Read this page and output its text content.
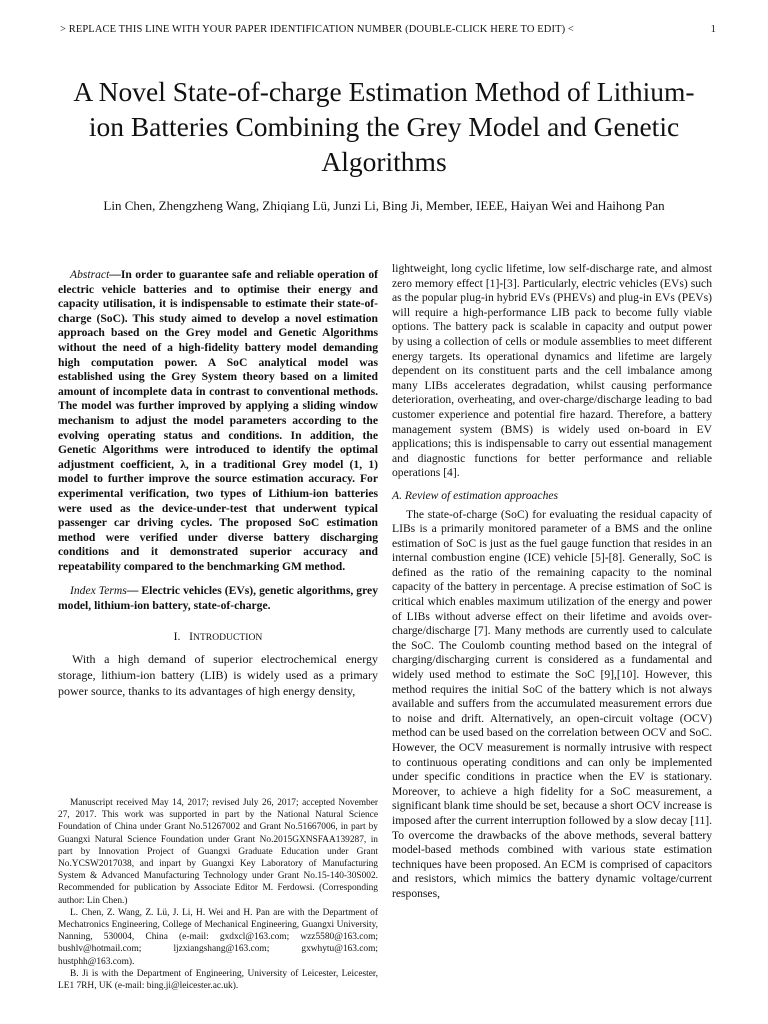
> REPLACE THIS LINE WITH YOUR PAPER IDENTIFICATION NUMBER (DOUBLE-CLICK HERE TO EDIT) <	1
A Novel State-of-charge Estimation Method of Lithium-ion Batteries Combining the Grey Model and Genetic Algorithms
Lin Chen, Zhengzheng Wang, Zhiqiang Lü, Junzi Li, Bing Ji, Member, IEEE, Haiyan Wei and Haihong Pan

Abstract—In order to guarantee safe and reliable operation of electric vehicle batteries and to optimise their energy and capacity utilisation, it is indispensable to estimate their state-of-charge (SoC). This study aimed to develop a novel estimation approach based on the Grey model and Genetic Algorithms without the need of a high-fidelity battery model demanding high computation power. A SoC analytical model was established using the Grey System theory based on a limited amount of incomplete data in contrast to conventional methods. The model was further improved by applying a sliding window mechanism to adjust the model parameters according to the evolving operating status and conditions. In addition, the Genetic Algorithms were introduced to identify the optimal adjustment coefficient, λ, in a traditional Grey model (1, 1) model to further improve the source estimation accuracy. For experimental verification, two types of Lithium-ion batteries were used as the device-under-test that underwent typical passenger car driving cycles. The proposed SoC estimation method were verified under diverse battery discharging conditions and it demonstrated superior accuracy and repeatability compared to the benchmarking GM method.

Index Terms— Electric vehicles (EVs), genetic algorithms, grey model, lithium-ion battery, state-of-charge.

I. INTRODUCTION

With a high demand of superior electrochemical energy storage, lithium-ion battery (LIB) is widely used as a primary power source, thanks to its advantages of high energy density,

Manuscript received May 14, 2017; revised July 26, 2017; accepted November 27, 2017. This work was supported in part by the National Natural Science Foundation of China under Grant No.51267002 and Grant No.51667006, in part by Guangxi Natural Science Foundation under Grant No.2015GXNSFAA139287, in part by Innovation Project of Guangxi Graduate Education under Grant No.YCSW2017038, and inpart by Guangxi Key Laboratory of Manufacturing System & Advanced Manufacturing Technology under Grant No.15-140-30S002. Recommended for publication by Associate Editor M. Ferdowsi. (Corresponding author: Lin Chen.)

L. Chen, Z. Wang, Z. Lü, J. Li, H. Wei and H. Pan are with the Department of Mechatronics Engineering, College of Mechanical Engineering, Guangxi University, Nanning, 530004, China (e-mail: gxdxcl@163.com; wzz5580@163.com; bushlv@hotmail.com; ljzxiangshang@163.com; gxwhytu@163.com; hustphh@163.com).

B. Ji is with the Department of Engineering, University of Leicester, Leicester, LE1 7RH, UK (e-mail: bing.ji@leicester.ac.uk).

lightweight, long cyclic lifetime, low self-discharge rate, and almost zero memory effect [1]-[3]. Particularly, electric vehicles (EVs) such as the popular plug-in hybrid EVs (PHEVs) and plug-in EVs (PEVs) will require a high-performance LIB pack to become fully viable options. The battery pack is scalable in capacity and output power by using a collection of cells or module assemblies to meet different energy targets. Its operational dynamics and lifetime are largely dependent on its constituent parts and the cell imbalance among many LIBs accelerates degradation, whilst causing performance deterioration, overheating, and over-charge/discharge leading to bad customer experience and potential fire hazard. Therefore, a battery management system (BMS) is widely used on-board in EV applications; this is indispensable to carry out essential management and diagnostic functions for better performance and reliable operations [4].

A. Review of estimation approaches

The state-of-charge (SoC) for evaluating the residual capacity of LIBs is a primarily monitored parameter of a BMS and the online estimation of SoC is just as the fuel gauge function that resides in an internal combustion engine (ICE) vehicle [5]-[8]. Generally, SoC is defined as the ratio of the remaining capacity to the nominal capacity of the battery in percentage. A precise estimation of SoC is critical which enables maximum utilization of the energy and power of LIBs without adverse effect on their lifetime and avoids over-charge/discharge [7]. Many methods are currently used to calculate the SoC. The Coulomb counting method based on the integral of charging/discharging current is considered as a fundamental and widely used method to estimate the SoC [9],[10]. However, this method requires the initial SoC of the battery which is not always available and suffers from the accumulated measurement errors due to noise and drift. Alternatively, an open-circuit voltage (OCV) method can be used based on the correlation between OCV and SoC. However, the OCV measurement is normally intrusive with respect to continuous operating conditions and can only be implemented under specific conditions in practice when the EV is stationary. Moreover, to achieve a high fidelity for a SoC measurement, a significant blank time should be set, because a short OCV increase is imposed after the current interruption followed by a slow decay [11]. To overcome the drawbacks of the above methods, several battery model-based methods combined with various state estimation techniques have been proposed. An ECM is comprised of capacitors and resistors, which mimics the battery dynamic voltage/current responses,
